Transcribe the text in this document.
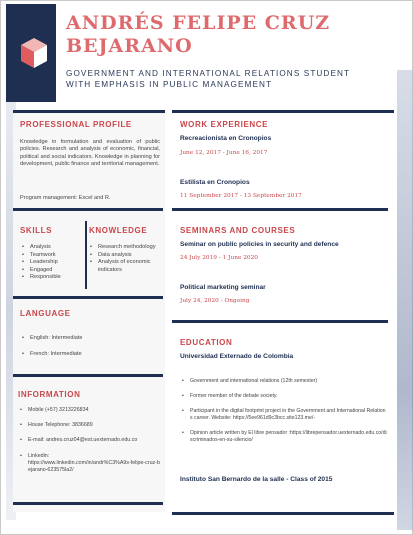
ANDRÉS FELIPE CRUZ
BEJARANO
GOVERNMENT AND INTERNATIONAL RELATIONS STUDENT
WITH EMPHASIS IN PUBLIC MANAGEMENT
PROFESSIONAL PROFILE
Knowledge in formulation and evaluation of public policies. Research and analysis of economic, financial, political and social indicators. Knowledge in planning for development, public finance and territorial management.
Program management: Excel and R.
SKILLS
• Analysis
• Teamwork
• Leadership
• Engaged
• Responsible
KNOWLEDGE
• Research methodology
• Data analysis
• Analysis of economic indicators
LANGUAGE
• English: Intermediate
• French: Intermediate
INFORMATION
• Mobile (+57) 3213226834
• House Telephone: 3836689
• E-mail: andres.cruz04@est.uexternado.edu.co
• Linkedin:
https://www.linkedin.com/in/andr%C3%A9s-felipe-cruz-bejarano-623575la2/
WORK EXPERIENCE
Recreacionista en Cronopios
June 12, 2017 - June 16, 2017
Estilista en Cronopios
11 September 2017 - 13 September 2017
SEMINARS AND COURSES
Seminar on public policies in security and defence
24 July 2019 - 1 June 2020
Political marketing seminar
July 24, 2020 - Ongoing
EDUCATION
Universidad Externado de Colombia
• Government and international relations (12th semester)
• Former member of the debate society.
• Participant in the digital footprint project in the Government and International Relations career. Website: https://5ee961d9c3bcc.site123.me/-
• Opinion article written by El libre pensador :https://librepensador.uexternado.edu.co/discriminados-en-su-silencio/
Instituto San Bernardo de la salle - Class of 2015
